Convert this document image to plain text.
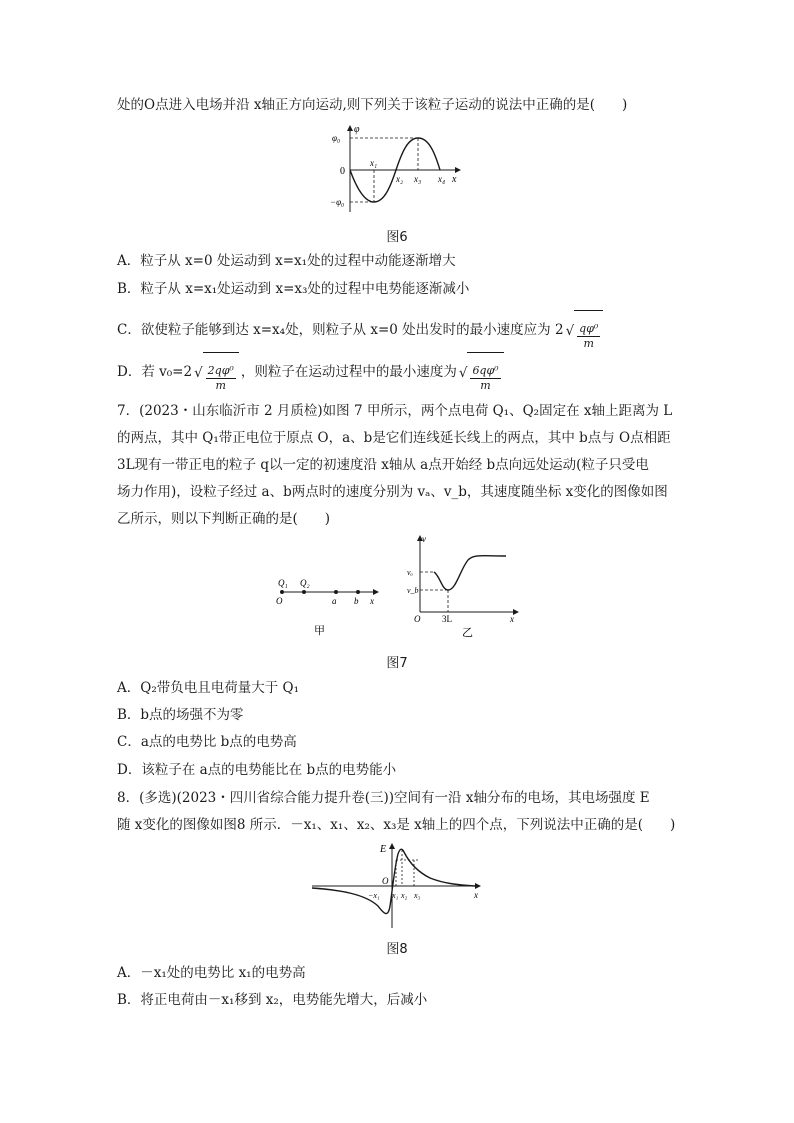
处的O点进入电场并沿 x轴正方向运动,则下列关于该粒子运动的说法中正确的是(　　)
φ
φ₀
−φ₀
0
x₁
x₂ x₃ x₄ x
图6
A．粒子从 x=0 处运动到 x=x₁处的过程中动能逐渐增大
B．粒子从 x=x₁处运动到 x=x₃处的过程中电势能逐渐减小
C．欲使粒子能够到达 x=x₄处，则粒子从 x=0 处出发时的最小速度应为 2 √ $\frac{\text{qφ⁰}}{m}$
D．若 v₀=2 √ $\frac{\text{2qφ⁰}}{m}$ ，则粒子在运动过程中的最小速度为 √ $\frac{\text{6qφ⁰}}{m}$
7．(2023・山东临沂市 2 月质检)如图 7 甲所示，两个点电荷 Q₁、Q₂固定在 x轴上距离为 L
的两点，其中 Q₁带正电位于原点 O，a、b是它们连线延长线上的两点，其中 b点与 O点相距
3L现有一带正电的粒子 q以一定的初速度沿 x轴从 a点开始经 b点向远处运动(粒子只受电
场力作用)，设粒子经过 a、b两点时的速度分别为 vₐ、v_b，其速度随坐标 x变化的图像如图
乙所示，则以下判断正确的是(　　)
Q₁ Q₂
O	a b x
甲
v
vₐ
v_b
O 3L	x
乙
图7
A．Q₂带负电且电荷量大于 Q₁
B．b点的场强不为零
C．a点的电势比 b点的电势高
D．该粒子在 a点的电势能比在 b点的电势能小
8．(多选)(2023・四川省综合能力提升卷(三))空间有一沿 x轴分布的电场，其电场强度 E
随 x变化的图像如图8 所示．－x₁、x₁、x₂、x₃是 x轴上的四个点，下列说法中正确的是(　　)
E
O
−x₁ x₁ x₂ x₃	x
图8
A．－x₁处的电势比 x₁的电势高
B．将正电荷由－x₁移到 x₂，电势能先增大，后减小
